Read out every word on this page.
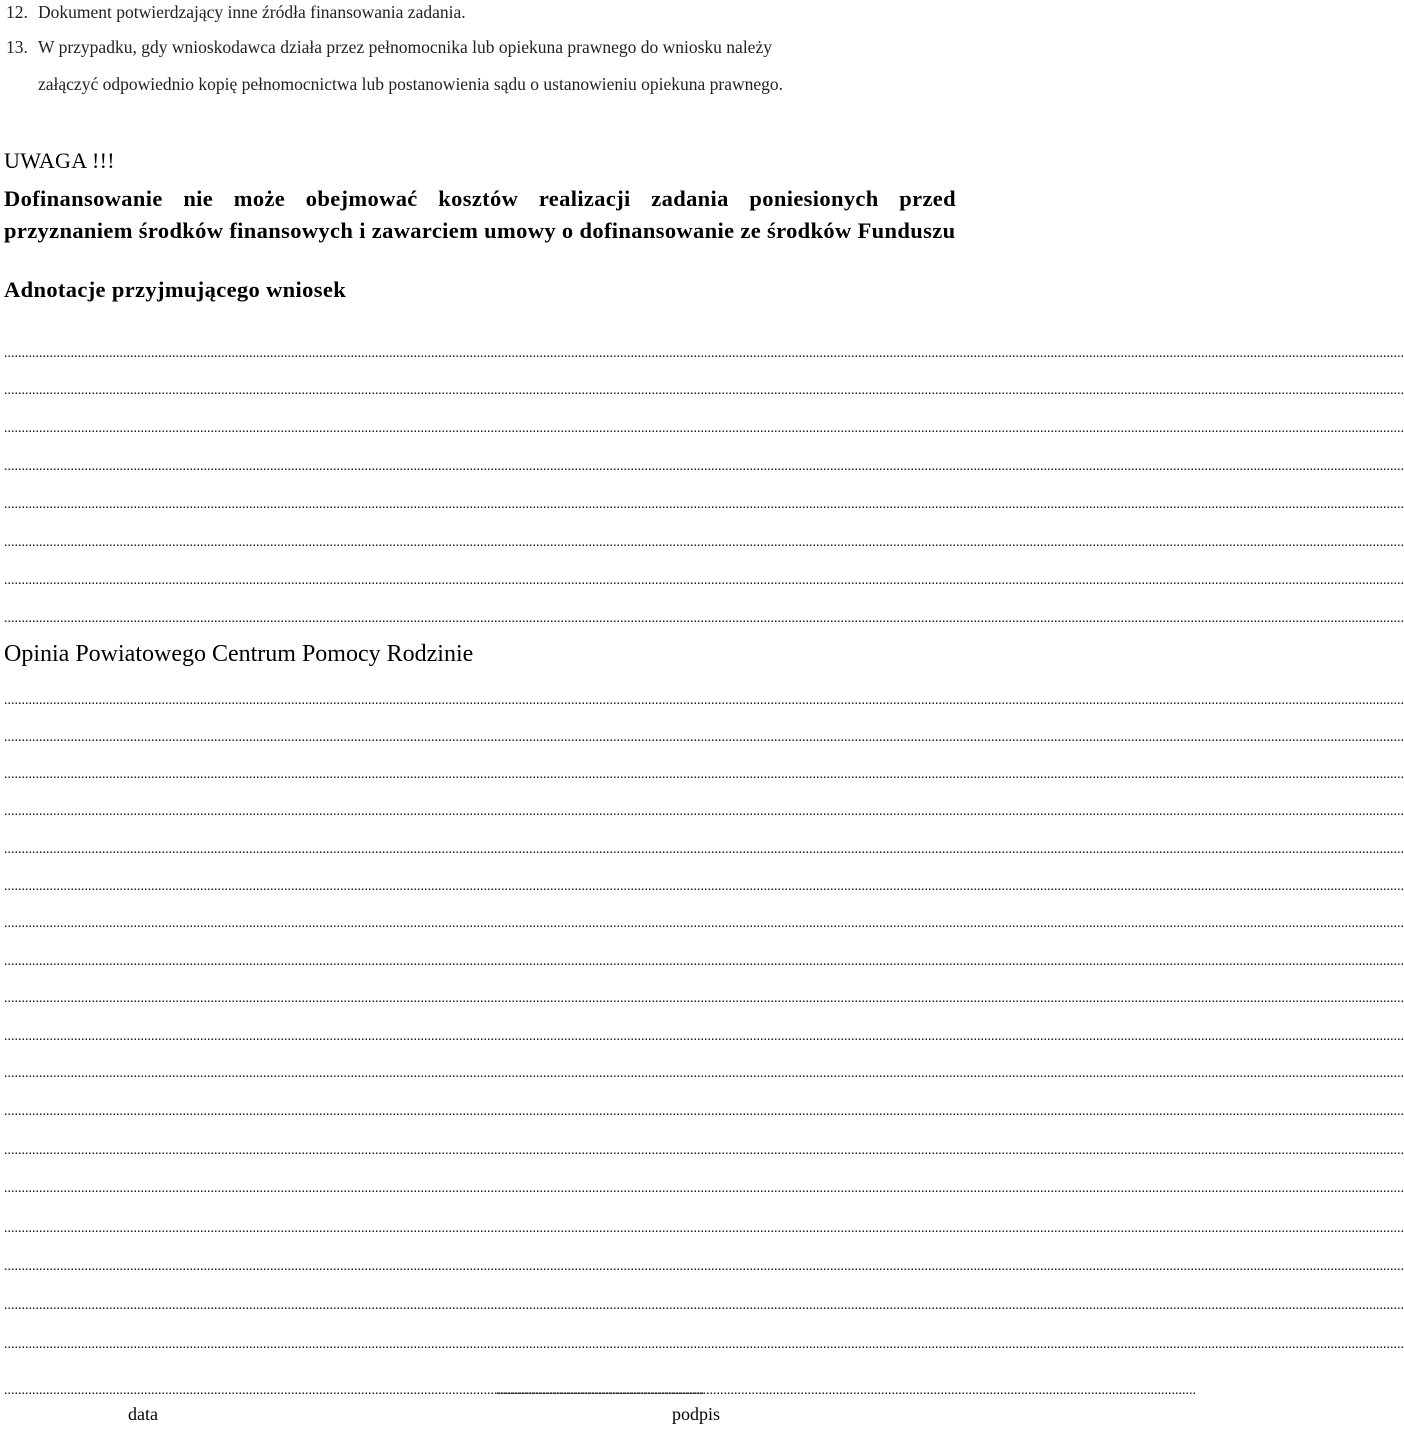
12. Dokument potwierdzający inne źródła finansowania zadania.
13. W przypadku, gdy wnioskodawca działa przez pełnomocnika lub opiekuna prawnego do wniosku należy
załączyć odpowiednio kopię pełnomocnictwa lub postanowienia sądu o ustanowieniu opiekuna prawnego.
UWAGA !!!
Dofinansowanie nie może obejmować kosztów realizacji zadania poniesionych przed przyznaniem środków finansowych i zawarciem umowy o dofinansowanie ze środków Funduszu
Adnotacje przyjmującego wniosek
................................................................................................................................................................................................................................................................................................................................................................................................................
................................................................................................................................................................................................................................................................................................................................................................................................................
................................................................................................................................................................................................................................................................................................................................................................................................................
................................................................................................................................................................................................................................................................................................................................................................................................................
................................................................................................................................................................................................................................................................................................................................................................................................................
................................................................................................................................................................................................................................................................................................................................................................................................................
................................................................................................................................................................................................................................................................................................................................................................................................................
................................................................................................................................................................................................................................................................................................................................................................................................................
Opinia Powiatowego Centrum Pomocy Rodzinie
................................................................................................................................................................................................................................................................................................................................................................................................................
................................................................................................................................................................................................................................................................................................................................................................................................................
................................................................................................................................................................................................................................................................................................................................................................................................................
................................................................................................................................................................................................................................................................................................................................................................................................................
................................................................................................................................................................................................................................................................................................................................................................................................................
................................................................................................................................................................................................................................................................................................................................................................................................................
................................................................................................................................................................................................................................................................................................................................................................................................................
................................................................................................................................................................................................................................................................................................................................................................................................................
................................................................................................................................................................................................................................................................................................................................................................................................................
................................................................................................................................................................................................................................................................................................................................................................................................................
................................................................................................................................................................................................................................................................................................................................................................................................................
................................................................................................................................................................................................................................................................................................................................................................................................................
................................................................................................................................................................................................................................................................................................................................................................................................................
................................................................................................................................................................................................................................................................................................................................................................................................................
................................................................................................................................................................................................................................................................................................................................................................................................................
................................................................................................................................................................................................................................................................................................................................................................................................................
................................................................................................................................................................................................................................................................................................................................................................................................................
................................................................................................................................................................................................................................................................................................................................................................................................................
........................................................................................................................................................................................................
........................................................................................................................................................................................................
data	podpis
